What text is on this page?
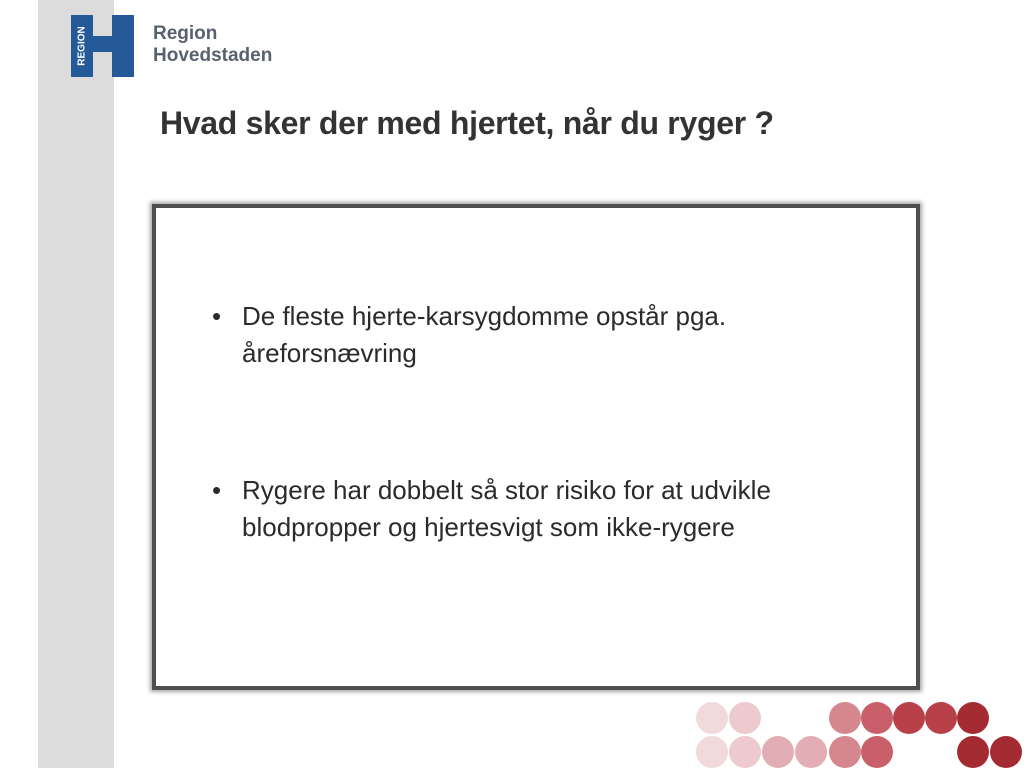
REGION	Region
Hovedstaden
Hvad sker der med hjertet, når du ryger ?
• De fleste hjerte-karsygdomme opstår pga. åreforsnævring
• Rygere har dobbelt så stor risiko for at udvikle blodpropper og hjertesvigt som ikke-rygere
